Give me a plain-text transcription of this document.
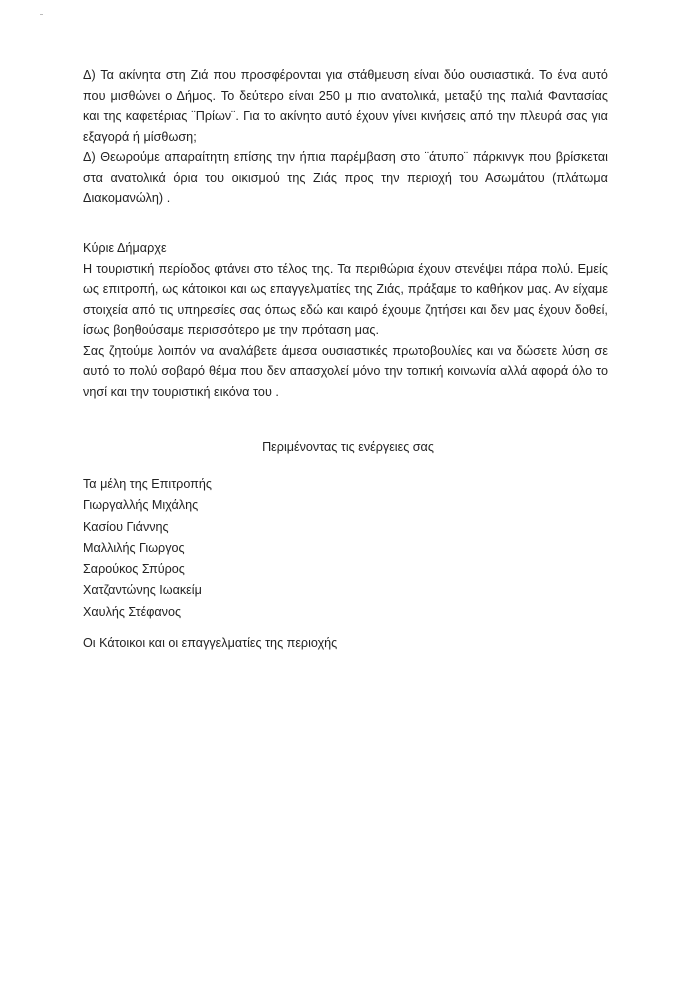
Δ) Τα ακίνητα στη Ζιά που προσφέρονται για στάθμευση είναι δύο ουσιαστικά. Το ένα αυτό που μισθώνει ο Δήμος. Το δεύτερο είναι 250 μ πιο ανατολικά, μεταξύ της παλιά Φαντασίας και της καφετέριας ¨Πρίων¨. Για το ακίνητο αυτό έχουν γίνει κινήσεις από την πλευρά σας για εξαγορά ή μίσθωση;

Δ) Θεωρούμε απαραίτητη επίσης την ήπια παρέμβαση στο ¨άτυπο¨ πάρκινγκ που βρίσκεται στα ανατολικά όρια του οικισμού της Ζιάς προς την περιοχή του Ασωμάτου (πλάτωμα Διακομανώλη) .

Κύριε Δήμαρχε

Η τουριστική περίοδος φτάνει στο τέλος της. Τα περιθώρια έχουν στενέψει πάρα πολύ. Εμείς ως επιτροπή, ως κάτοικοι και ως επαγγελματίες της Ζιάς, πράξαμε το καθήκον μας. Αν είχαμε στοιχεία από τις υπηρεσίες σας όπως εδώ και καιρό έχουμε ζητήσει και δεν μας έχουν δοθεί, ίσως βοηθούσαμε περισσότερο με την πρόταση μας.

Σας ζητούμε λοιπόν να αναλάβετε άμεσα ουσιαστικές πρωτοβουλίες και να δώσετε λύση σε αυτό το πολύ σοβαρό θέμα που δεν απασχολεί μόνο την τοπική κοινωνία αλλά αφορά όλο το νησί και την τουριστική εικόνα του .

Περιμένοντας τις ενέργειες σας

Τα μέλη της Επιτροπής

Γιωργαλλής Μιχάλης

Κασίου Γιάννης

Μαλλιλής Γιωργος

Σαρούκος Σπύρος

Χατζαντώνης Ιωακείμ

Χαυλής Στέφανος

Οι Κάτοικοι και οι επαγγελματίες της περιοχής
